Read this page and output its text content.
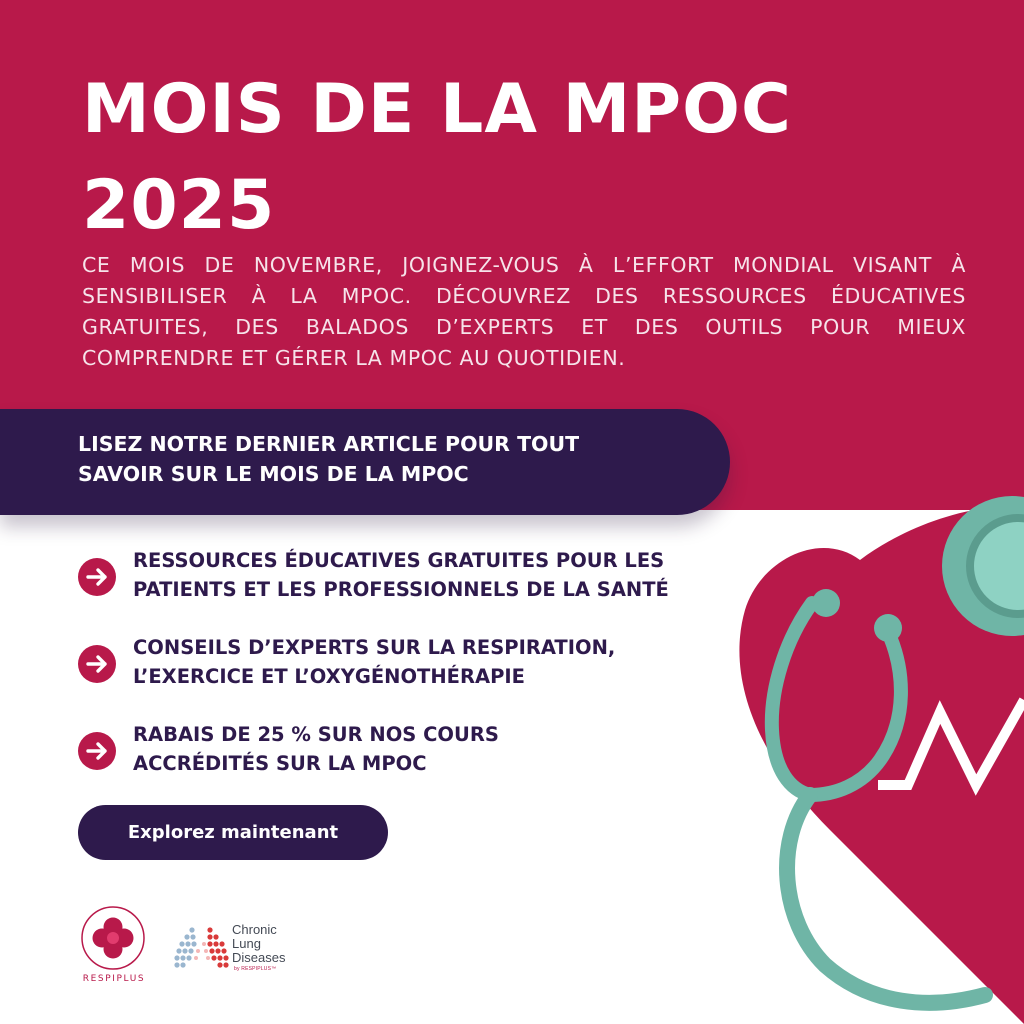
MOIS DE LA MPOC
2025

CE MOIS DE NOVEMBRE, JOIGNEZ-VOUS À L’EFFORT MONDIAL VISANT À SENSIBILISER À LA MPOC. DÉCOUVREZ DES RESSOURCES ÉDUCATIVES GRATUITES, DES BALADOS D’EXPERTS ET DES OUTILS POUR MIEUX COMPRENDRE ET GÉRER LA MPOC AU QUOTIDIEN.

LISEZ NOTRE DERNIER ARTICLE POUR TOUT
SAVOIR SUR LE MOIS DE LA MPOC
RESSOURCES ÉDUCATIVES GRATUITES POUR LES
PATIENTS ET LES PROFESSIONNELS DE LA SANTÉ
CONSEILS D’EXPERTS SUR LA RESPIRATION,
L’EXERCICE ET L’OXYGÉNOTHÉRAPIE
RABAIS DE 25 % SUR NOS COURS
ACCRÉDITÉS SUR LA MPOC
Explorez maintenant
RESPIPLUS
Chronic
Lung
Diseases
by RESPIPLUS™
